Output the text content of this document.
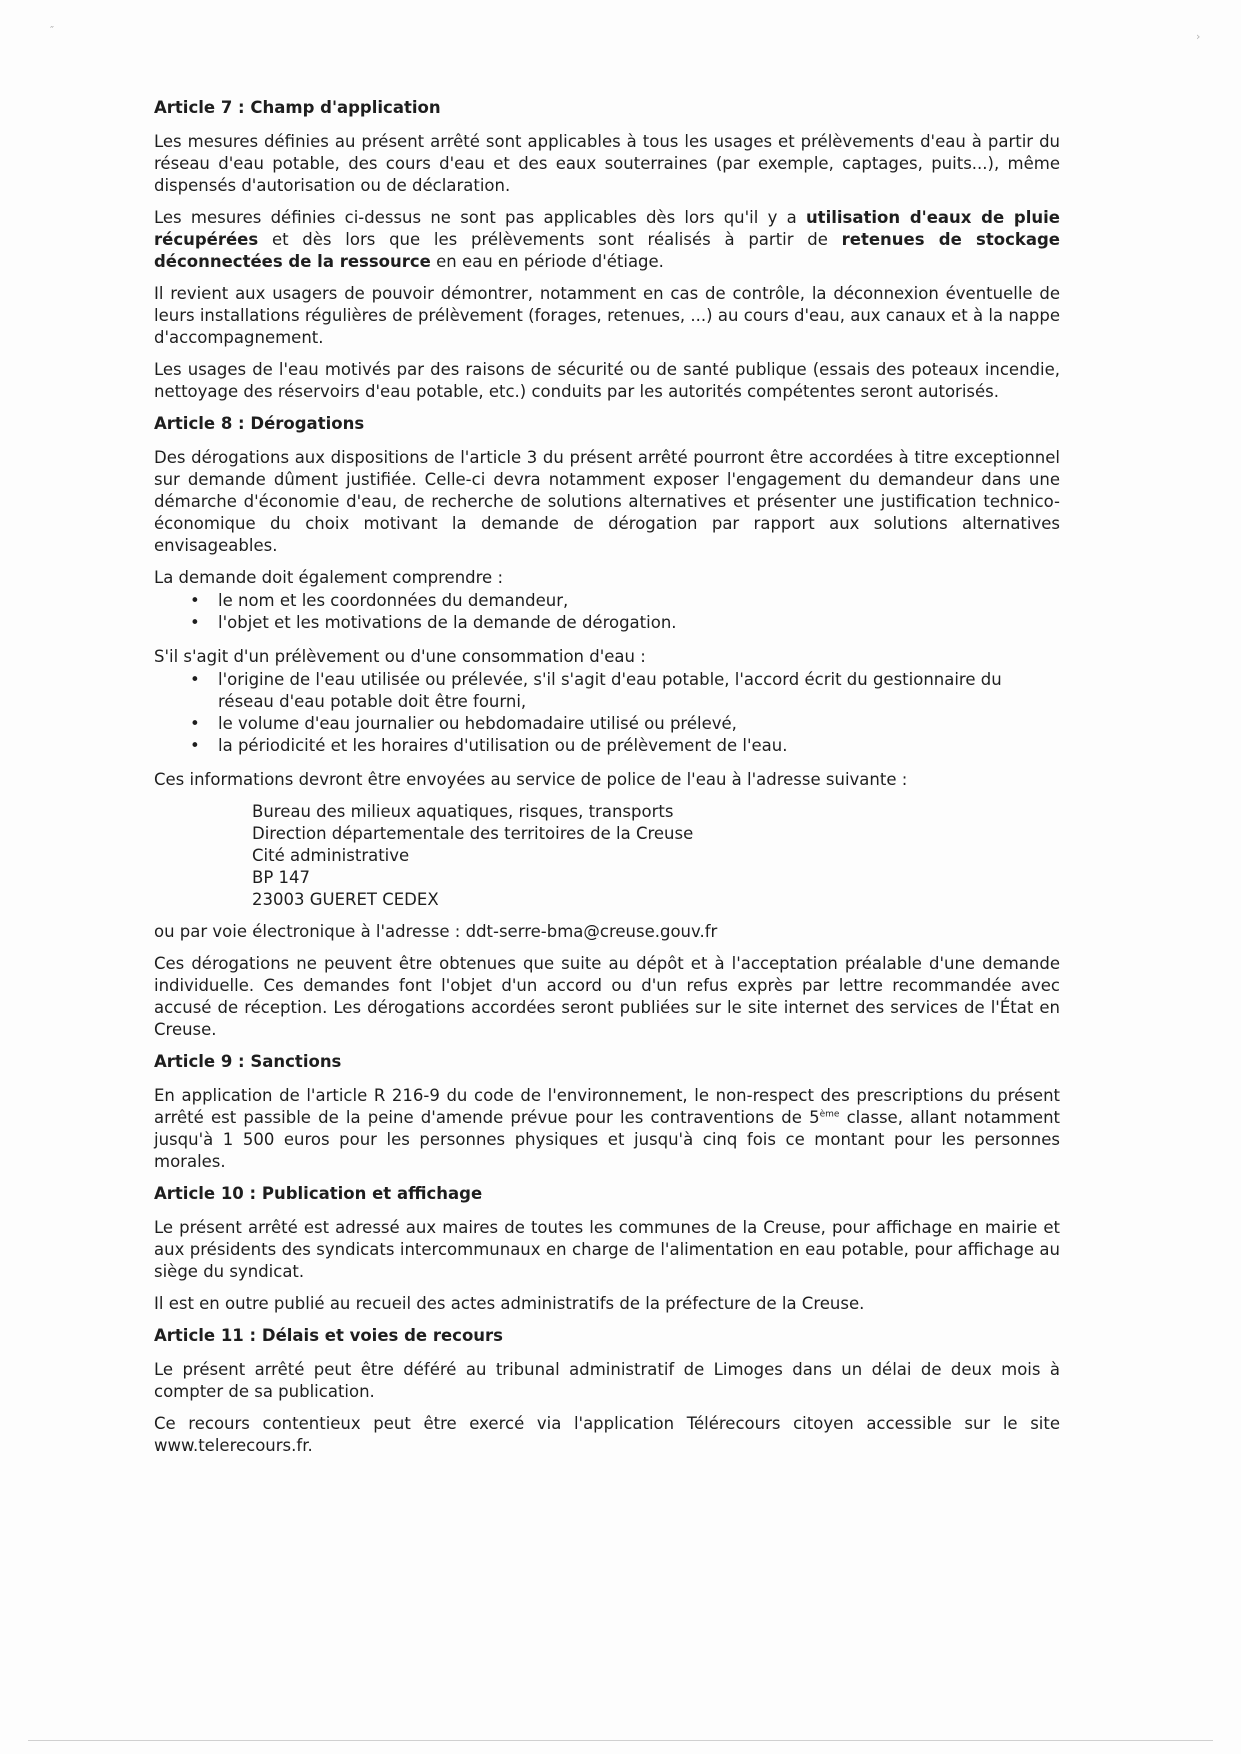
″	›
Article 7 : Champ d'application

Les mesures définies au présent arrêté sont applicables à tous les usages et prélèvements d'eau à partir du réseau d'eau potable, des cours d'eau et des eaux souterraines (par exemple, captages, puits...), même dispensés d'autorisation ou de déclaration.

Les mesures définies ci-dessus ne sont pas applicables dès lors qu'il y a utilisation d'eaux de pluie récupérées et dès lors que les prélèvements sont réalisés à partir de retenues de stockage déconnectées de la ressource en eau en période d'étiage.

Il revient aux usagers de pouvoir démontrer, notamment en cas de contrôle, la déconnexion éventuelle de leurs installations régulières de prélèvement (forages, retenues, ...) au cours d'eau, aux canaux et à la nappe d'accompagnement.

Les usages de l'eau motivés par des raisons de sécurité ou de santé publique (essais des poteaux incendie, nettoyage des réservoirs d'eau potable, etc.) conduits par les autorités compétentes seront autorisés.

Article 8 : Dérogations

Des dérogations aux dispositions de l'article 3 du présent arrêté pourront être accordées à titre exceptionnel sur demande dûment justifiée. Celle-ci devra notamment exposer l'engagement du demandeur dans une démarche d'économie d'eau, de recherche de solutions alternatives et présenter une justification technico-économique du choix motivant la demande de dérogation par rapport aux solutions alternatives envisageables.

La demande doit également comprendre :

• le nom et les coordonnées du demandeur,
• l'objet et les motivations de la demande de dérogation.

S'il s'agit d'un prélèvement ou d'une consommation d'eau :

• l'origine de l'eau utilisée ou prélevée, s'il s'agit d'eau potable, l'accord écrit du gestionnaire du réseau d'eau potable doit être fourni,
• le volume d'eau journalier ou hebdomadaire utilisé ou prélevé,
• la périodicité et les horaires d'utilisation ou de prélèvement de l'eau.

Ces informations devront être envoyées au service de police de l'eau à l'adresse suivante :

Bureau des milieux aquatiques, risques, transports
Direction départementale des territoires de la Creuse
Cité administrative
BP 147
23003 GUERET CEDEX

ou par voie électronique à l'adresse : ddt-serre-bma@creuse.gouv.fr

Ces dérogations ne peuvent être obtenues que suite au dépôt et à l'acceptation préalable d'une demande individuelle. Ces demandes font l'objet d'un accord ou d'un refus exprès par lettre recommandée avec accusé de réception. Les dérogations accordées seront publiées sur le site internet des services de l'État en Creuse.

Article 9 : Sanctions

En application de l'article R 216-9 du code de l'environnement, le non-respect des prescriptions du présent arrêté est passible de la peine d'amende prévue pour les contraventions de 5ème classe, allant notamment jusqu'à 1 500 euros pour les personnes physiques et jusqu'à cinq fois ce montant pour les personnes morales.

Article 10 : Publication et affichage

Le présent arrêté est adressé aux maires de toutes les communes de la Creuse, pour affichage en mairie et aux présidents des syndicats intercommunaux en charge de l'alimentation en eau potable, pour affichage au siège du syndicat.

Il est en outre publié au recueil des actes administratifs de la préfecture de la Creuse.

Article 11 : Délais et voies de recours

Le présent arrêté peut être déféré au tribunal administratif de Limoges dans un délai de deux mois à compter de sa publication.

Ce recours contentieux peut être exercé via l'application Télérecours citoyen accessible sur le site www.telerecours.fr.
